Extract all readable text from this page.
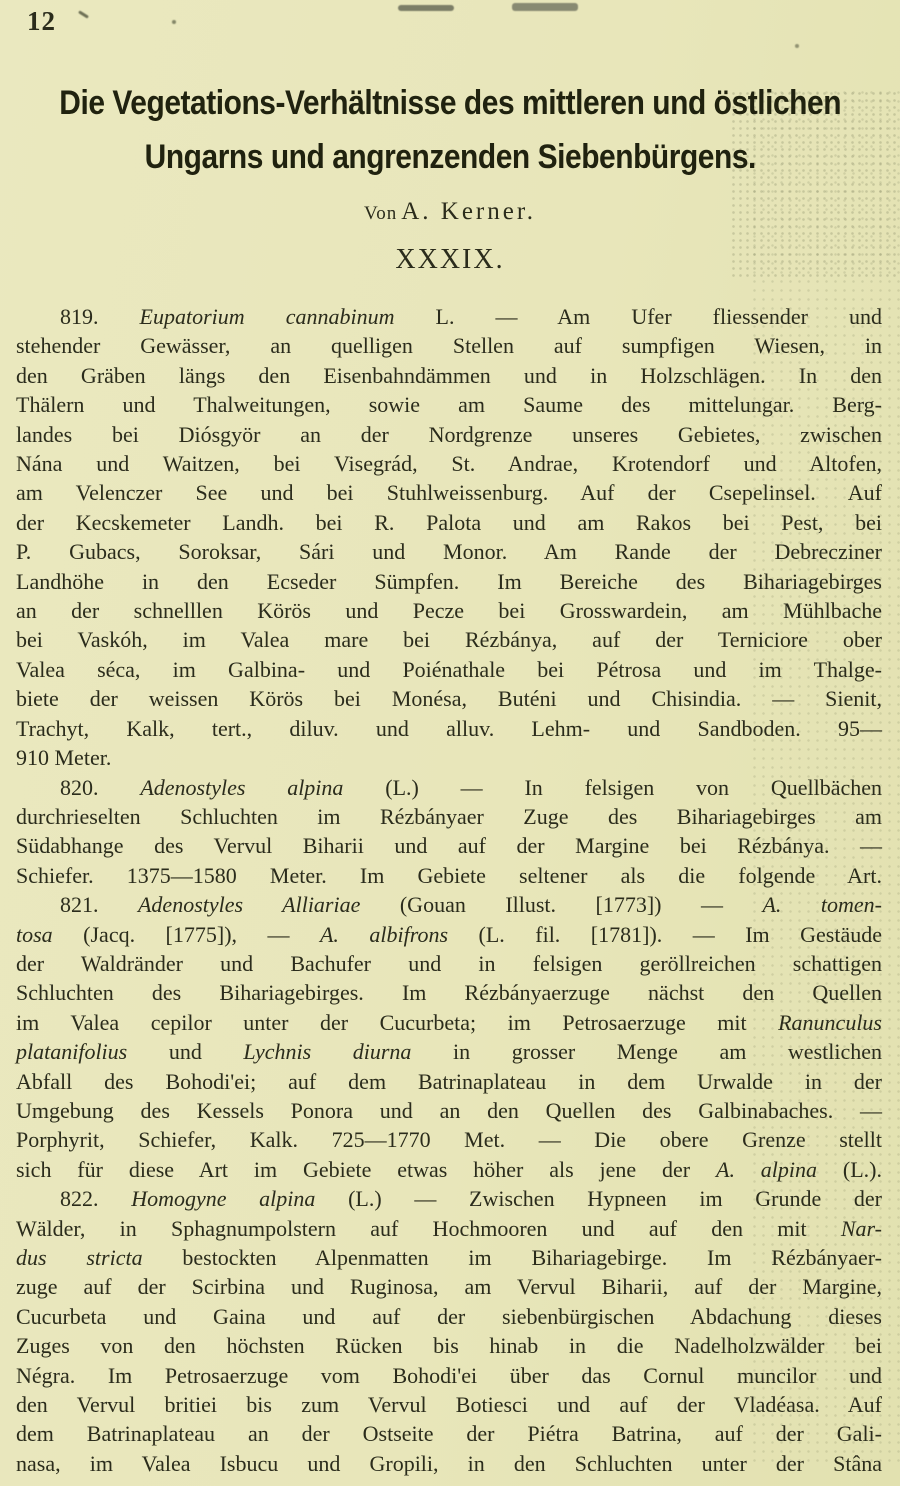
12
Die Vegetations-Verhältnisse des mittleren und östlichen
Ungarns und angrenzenden Siebenbürgens.
Von A. Kerner.
XXXIX.
819. Eupatorium cannabinum L. — Am Ufer fliessender und
stehender Gewässer, an quelligen Stellen auf sumpfigen Wiesen, in
den Gräben längs den Eisenbahndämmen und in Holzschlägen. In den
Thälern und Thalweitungen, sowie am Saume des mittelungar. Berg-
landes bei Diósgyör an der Nordgrenze unseres Gebietes, zwischen
Nána und Waitzen, bei Visegrád, St. Andrae, Krotendorf und Altofen,
am Velenczer See und bei Stuhlweissenburg. Auf der Csepelinsel. Auf
der Kecskemeter Landh. bei R. Palota und am Rakos bei Pest, bei
P. Gubacs, Soroksar, Sári und Monor. Am Rande der Debrecziner
Landhöhe in den Ecseder Sümpfen. Im Bereiche des Bihariagebirges
an der schnelllen Körös und Pecze bei Grosswardein, am Mühlbache
bei Vaskóh, im Valea mare bei Rézbánya, auf der Terniciore ober
Valea séca, im Galbina- und Poiénathale bei Pétrosa und im Thalge-
biete der weissen Körös bei Monésa, Buténi und Chisindia. — Sienit,
Trachyt, Kalk, tert., diluv. und alluv. Lehm- und Sandboden. 95—
910 Meter.
820. Adenostyles alpina (L.) — In felsigen von Quellbächen
durchrieselten Schluchten im Rézbányaer Zuge des Bihariagebirges am
Südabhange des Vervul Biharii und auf der Margine bei Rézbánya. —
Schiefer. 1375—1580 Meter. Im Gebiete seltener als die folgende Art.
821. Adenostyles Alliariae (Gouan Illust. [1773]) — A. tomen-
tosa (Jacq. [1775]), — A. albifrons (L. fil. [1781]). — Im Gestäude
der Waldränder und Bachufer und in felsigen geröllreichen schattigen
Schluchten des Bihariagebirges. Im Rézbányaerzuge nächst den Quellen
im Valea cepilor unter der Cucurbeta; im Petrosaerzuge mit Ranunculus
platanifolius und Lychnis diurna in grosser Menge am westlichen
Abfall des Bohodi'ei; auf dem Batrinaplateau in dem Urwalde in der
Umgebung des Kessels Ponora und an den Quellen des Galbinabaches. —
Porphyrit, Schiefer, Kalk. 725—1770 Met. — Die obere Grenze stellt
sich für diese Art im Gebiete etwas höher als jene der A. alpina (L.).
822. Homogyne alpina (L.) — Zwischen Hypneen im Grunde der
Wälder, in Sphagnumpolstern auf Hochmooren und auf den mit Nar-
dus stricta bestockten Alpenmatten im Bihariagebirge. Im Rézbányaer-
zuge auf der Scirbina und Ruginosa, am Vervul Biharii, auf der Margine,
Cucurbeta und Gaina und auf der siebenbürgischen Abdachung dieses
Zuges von den höchsten Rücken bis hinab in die Nadelholzwälder bei
Négra. Im Petrosaerzuge vom Bohodi'ei über das Cornul muncilor und
den Vervul britiei bis zum Vervul Botiesci und auf der Vladéasa. Auf
dem Batrinaplateau an der Ostseite der Piétra Batrina, auf der Gali-
nasa, im Valea Isbucu und Gropili, in den Schluchten unter der Stâna
